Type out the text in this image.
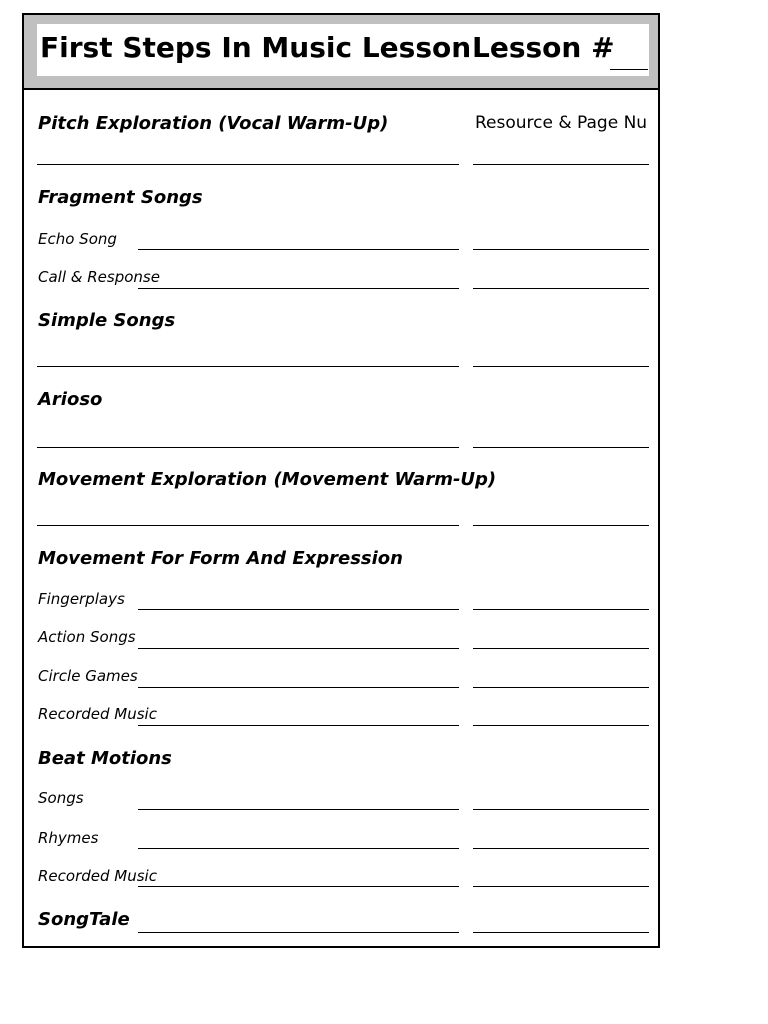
First Steps In Music Lesson Lesson #
Resource & Page Nu
Pitch Exploration (Vocal Warm-Up)
Fragment Songs
Echo Song
Call & Response
Simple Songs
Arioso
Movement Exploration (Movement Warm-Up)
Movement For Form And Expression
Fingerplays
Action Songs
Circle Games
Recorded Music
Beat Motions
Songs
Rhymes
Recorded Music
SongTale
